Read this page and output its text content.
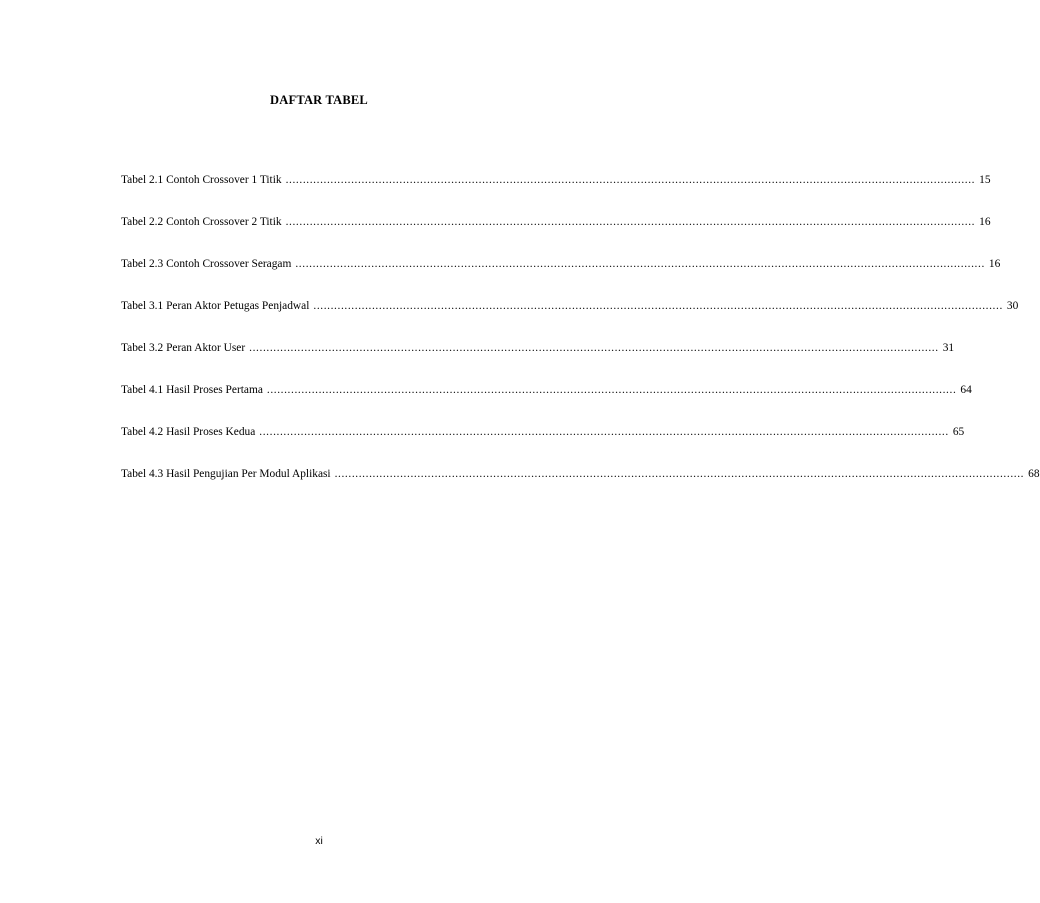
DAFTAR TABEL
Tabel 2.1 Contoh Crossover 1 Titik ........................................................................................................................................................................................................ 15
Tabel 2.2 Contoh Crossover 2 Titik ........................................................................................................................................................................................................ 16
Tabel 2.3 Contoh Crossover Seragam ........................................................................................................................................................................................................ 16
Tabel 3.1 Peran Aktor Petugas Penjadwal ........................................................................................................................................................................................................ 30
Tabel 3.2 Peran Aktor User ........................................................................................................................................................................................................ 31
Tabel 4.1 Hasil Proses Pertama ........................................................................................................................................................................................................ 64
Tabel 4.2 Hasil Proses Kedua ........................................................................................................................................................................................................ 65
Tabel 4.3 Hasil Pengujian Per Modul Aplikasi ........................................................................................................................................................................................................ 68
xi
